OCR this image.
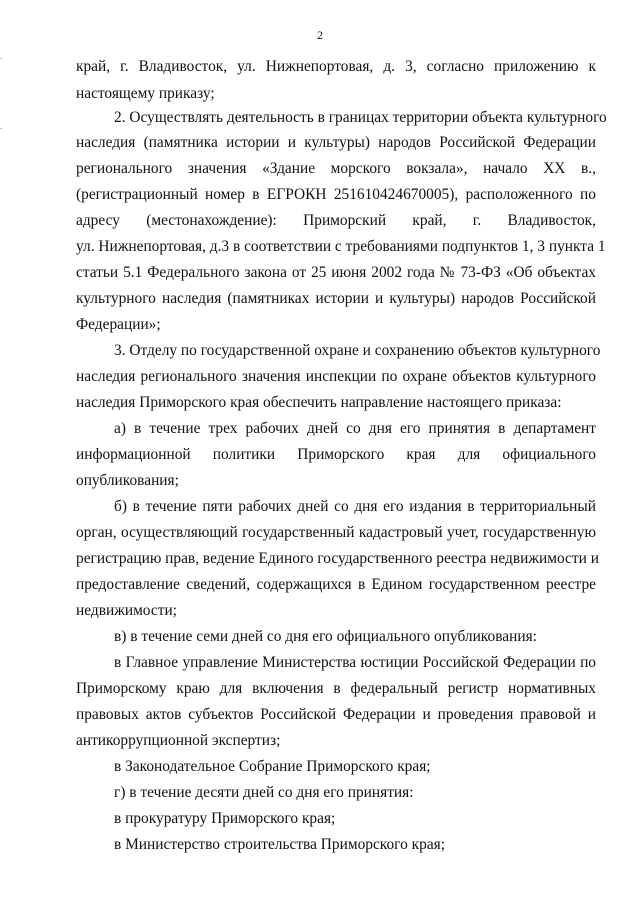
2
край, г. Владивосток, ул. Нижнепортовая, д. 3, согласно приложению к
настоящему приказу;
2. Осуществлять деятельность в границах территории объекта культурного
наследия (памятника истории и культуры) народов Российской Федерации
регионального значения «Здание морского вокзала», начало XX в.,
(регистрационный номер в ЕГРОКН 251610424670005), расположенного по
адресу (местонахождение): Приморский край, г. Владивосток,
ул. Нижнепортовая, д.3 в соответствии с требованиями подпунктов 1, 3 пункта 1
статьи 5.1 Федерального закона от 25 июня 2002 года № 73-ФЗ «Об объектах
культурного наследия (памятниках истории и культуры) народов Российской
Федерации»;
3. Отделу по государственной охране и сохранению объектов культурного
наследия регионального значения инспекции по охране объектов культурного
наследия Приморского края обеспечить направление настоящего приказа:
а) в течение трех рабочих дней со дня его принятия в департамент
информационной политики Приморского края для официального
опубликования;
б) в течение пяти рабочих дней со дня его издания в территориальный
орган, осуществляющий государственный кадастровый учет, государственную
регистрацию прав, ведение Единого государственного реестра недвижимости и
предоставление сведений, содержащихся в Едином государственном реестре
недвижимости;
в) в течение семи дней со дня его официального опубликования:
в Главное управление Министерства юстиции Российской Федерации по
Приморскому краю для включения в федеральный регистр нормативных
правовых актов субъектов Российской Федерации и проведения правовой и
антикоррупционной экспертиз;
в Законодательное Собрание Приморского края;
г) в течение десяти дней со дня его принятия:
в прокуратуру Приморского края;
в Министерство строительства Приморского края;
